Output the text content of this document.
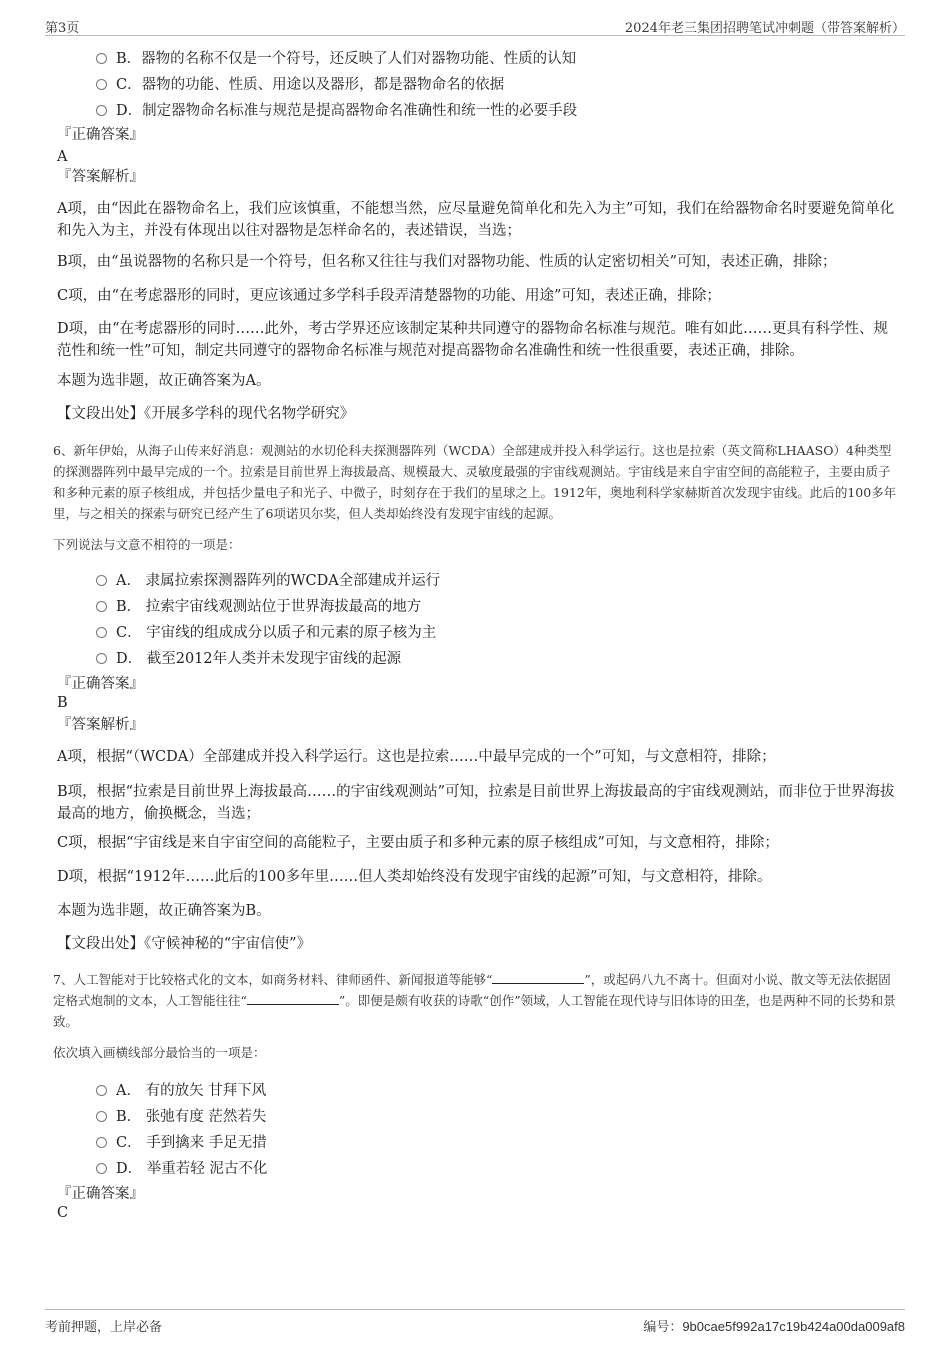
第3页	2024年老三集团招聘笔试冲刺题（带答案解析）
B．器物的名称不仅是一个符号，还反映了人们对器物功能、性质的认知
C．器物的功能、性质、用途以及器形，都是器物命名的依据
D．制定器物命名标准与规范是提高器物命名准确性和统一性的必要手段
『正确答案』
A
『答案解析』
A项，由“因此在器物命名上，我们应该慎重，不能想当然，应尽量避免简单化和先入为主”可知，我们在给器物命名时要避免简单化和先入为主，并没有体现出以往对器物是怎样命名的，表述错误，当选；
B项，由“虽说器物的名称只是一个符号，但名称又往往与我们对器物功能、性质的认定密切相关”可知，表述正确，排除；
C项，由“在考虑器形的同时，更应该通过多学科手段弄清楚器物的功能、用途”可知，表述正确，排除；
D项，由“在考虑器形的同时……此外，考古学界还应该制定某种共同遵守的器物命名标准与规范。唯有如此……更具有科学性、规范性和统一性”可知，制定共同遵守的器物命名标准与规范对提高器物命名准确性和统一性很重要，表述正确，排除。
本题为选非题，故正确答案为A。
【文段出处】《开展多学科的现代名物学研究》
6、新年伊始，从海子山传来好消息：观测站的水切伦科夫探测器阵列（WCDA）全部建成并投入科学运行。这也是拉索（英文简称LHAASO）4种类型的探测器阵列中最早完成的一个。拉索是目前世界上海拔最高、规模最大、灵敏度最强的宇宙线观测站。宇宙线是来自宇宙空间的高能粒子，主要由质子和多种元素的原子核组成，并包括少量电子和光子、中微子，时刻存在于我们的星球之上。1912年，奥地利科学家赫斯首次发现宇宙线。此后的100多年里，与之相关的探索与研究已经产生了6项诺贝尔奖，但人类却始终没有发现宇宙线的起源。
下列说法与文意不相符的一项是：
A． 隶属拉索探测器阵列的WCDA全部建成并运行
B． 拉索宇宙线观测站位于世界海拔最高的地方
C． 宇宙线的组成成分以质子和元素的原子核为主
D． 截至2012年人类并未发现宇宙线的起源
『正确答案』
B
『答案解析』
A项，根据“（WCDA）全部建成并投入科学运行。这也是拉索……中最早完成的一个”可知，与文意相符，排除；
B项，根据“拉索是目前世界上海拔最高……的宇宙线观测站”可知，拉索是目前世界上海拔最高的宇宙线观测站，而非位于世界海拔最高的地方，偷换概念，当选；
C项，根据“宇宙线是来自宇宙空间的高能粒子，主要由质子和多种元素的原子核组成”可知，与文意相符，排除；
D项，根据“1912年……此后的100多年里……但人类却始终没有发现宇宙线的起源”可知，与文意相符，排除。
本题为选非题，故正确答案为B。
【文段出处】《守候神秘的“宇宙信使”》
7、人工智能对于比较格式化的文本，如商务材料、律师函件、新闻报道等能够“	”，或起码八九不离十。但面对小说、散文等无法依据固定格式炮制的文本，人工智能往往“	”。即便是颇有收获的诗歌“创作”领域，人工智能在现代诗与旧体诗的田垄，也是两种不同的长势和景致。
依次填入画横线部分最恰当的一项是：
A． 有的放矢 甘拜下风
B． 张弛有度 茫然若失
C． 手到擒来 手足无措
D． 举重若轻 泥古不化
『正确答案』
C
考前押题，上岸必备	编号：9b0cae5f992a17c19b424a00da009af8
